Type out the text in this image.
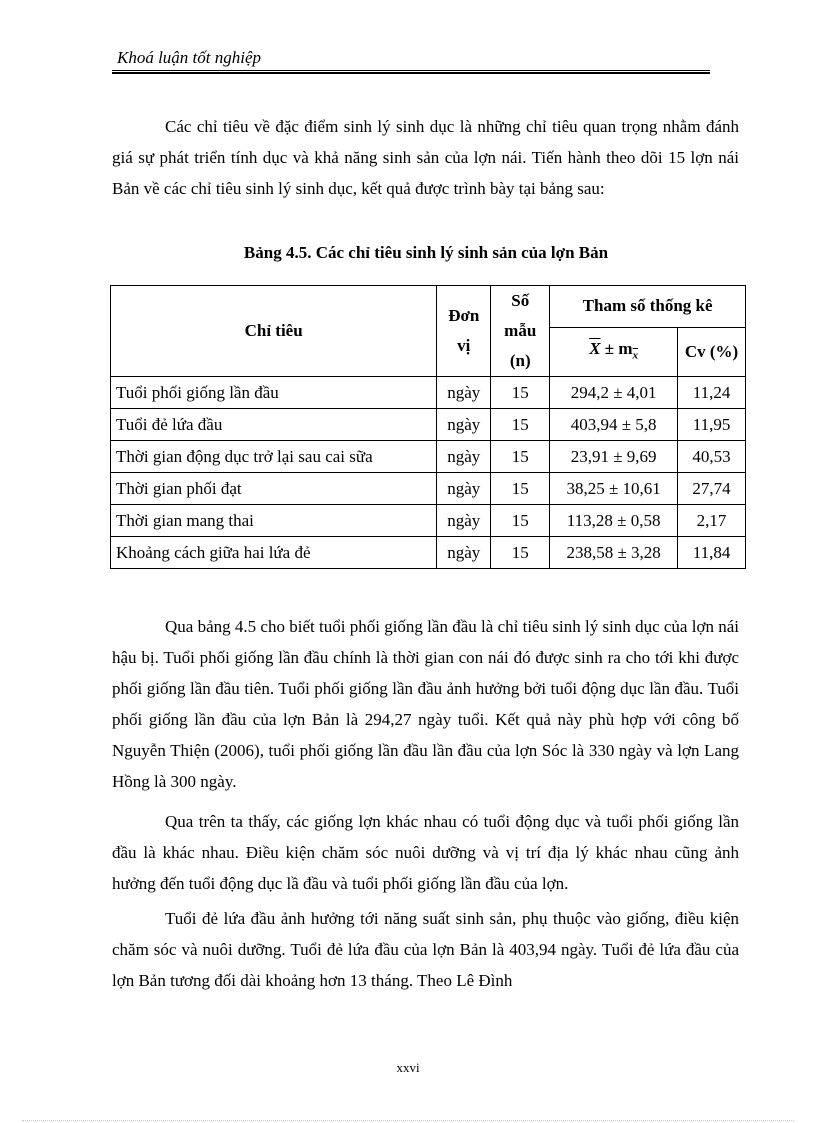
Khoá luận tốt nghiệp

Các chỉ tiêu về đặc điểm sinh lý sinh dục là những chỉ tiêu quan trọng nhằm đánh giá sự phát triển tính dục và khả năng sinh sản của lợn nái. Tiến hành theo dõi 15 lợn nái Bản về các chỉ tiêu sinh lý sinh dục, kết quả được trình bày tại bảng sau:

Bảng 4.5. Các chỉ tiêu sinh lý sinh sản của lợn Bản
Chỉ tiêu	Đơn vị	Số mẫu (n)	Tham số thống kê	
			$\overline{X} \pm m_{\overline{x}}$	Cv (%)
Tuổi phối giống lần đầu	ngày	15	294,2 ± 4,01	11,24
Tuổi đẻ lứa đầu	ngày	15	403,94 ± 5,8	11,95
Thời gian động dục trở lại sau cai sữa	ngày	15	23,91 ± 9,69	40,53
Thời gian phối đạt	ngày	15	38,25 ± 10,61	27,74
Thời gian mang thai	ngày	15	113,28 ± 0,58	2,17
Khoảng cách giữa hai lứa đẻ	ngày	15	238,58 ± 3,28	11,84

Qua bảng 4.5 cho biết tuổi phối giống lần đầu là chỉ tiêu sinh lý sinh dục của lợn nái hậu bị. Tuổi phối giống lần đầu chính là thời gian con nái đó được sinh ra cho tới khi được phối giống lần đầu tiên. Tuổi phối giống lần đầu ảnh hưởng bởi tuổi động dục lần đầu. Tuổi phối giống lần đầu của lợn Bản là 294,27 ngày tuổi. Kết quả này phù hợp với công bố Nguyễn Thiện (2006), tuổi phối giống lần đầu lần đầu của lợn Sóc là 330 ngày và lợn Lang Hồng là 300 ngày.

Qua trên ta thấy, các giống lợn khác nhau có tuổi động dục và tuổi phối giống lần đầu là khác nhau. Điều kiện chăm sóc nuôi dưỡng và vị trí địa lý khác nhau cũng ảnh hưởng đến tuổi động dục lầ đầu và tuổi phối giống lần đầu của lợn.

Tuổi đẻ lứa đầu ảnh hưởng tới năng suất sinh sản, phụ thuộc vào giống, điều kiện chăm sóc và nuôi dưỡng. Tuổi đẻ lứa đầu của lợn Bản là 403,94 ngày. Tuổi đẻ lứa đầu của lợn Bản tương đối dài khoảng hơn 13 tháng. Theo Lê Đình

xxvi
